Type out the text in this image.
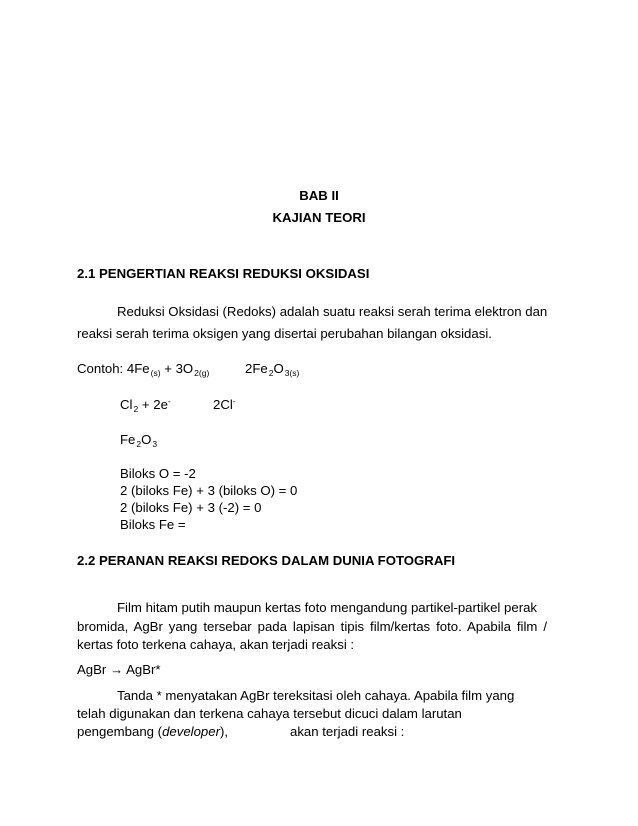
BAB II
KAJIAN TEORI
2.1 PENGERTIAN REAKSI REDUKSI OKSIDASI
Reduksi Oksidasi (Redoks) adalah suatu reaksi serah terima elektron dan
reaksi serah terima oksigen yang disertai perubahan bilangan oksidasi.
Contoh: $4Fe_{(s)} + 3O_{2(g)}$	$2Fe_2O_{3(s)}$
$Cl_2 + 2e^-$	2Cl-
$Fe_2O_3$
Biloks O = -2
2 (biloks Fe) + 3 (biloks O) = 0
2 (biloks Fe) + 3 (-2) = 0
Biloks Fe =
2.2 PERANAN REAKSI REDOKS DALAM DUNIA FOTOGRAFI
Film hitam putih maupun kertas foto mengandung partikel-partikel perak
bromida, AgBr yang tersebar pada lapisan tipis film/kertas foto. Apabila film /
kertas foto terkena cahaya, akan terjadi reaksi :
AgBr → AgBr*
Tanda * menyatakan AgBr tereksitasi oleh cahaya. Apabila film yang
telah digunakan dan terkena cahaya tersebut dicuci dalam larutan
pengembang (developer),	akan terjadi reaksi :
